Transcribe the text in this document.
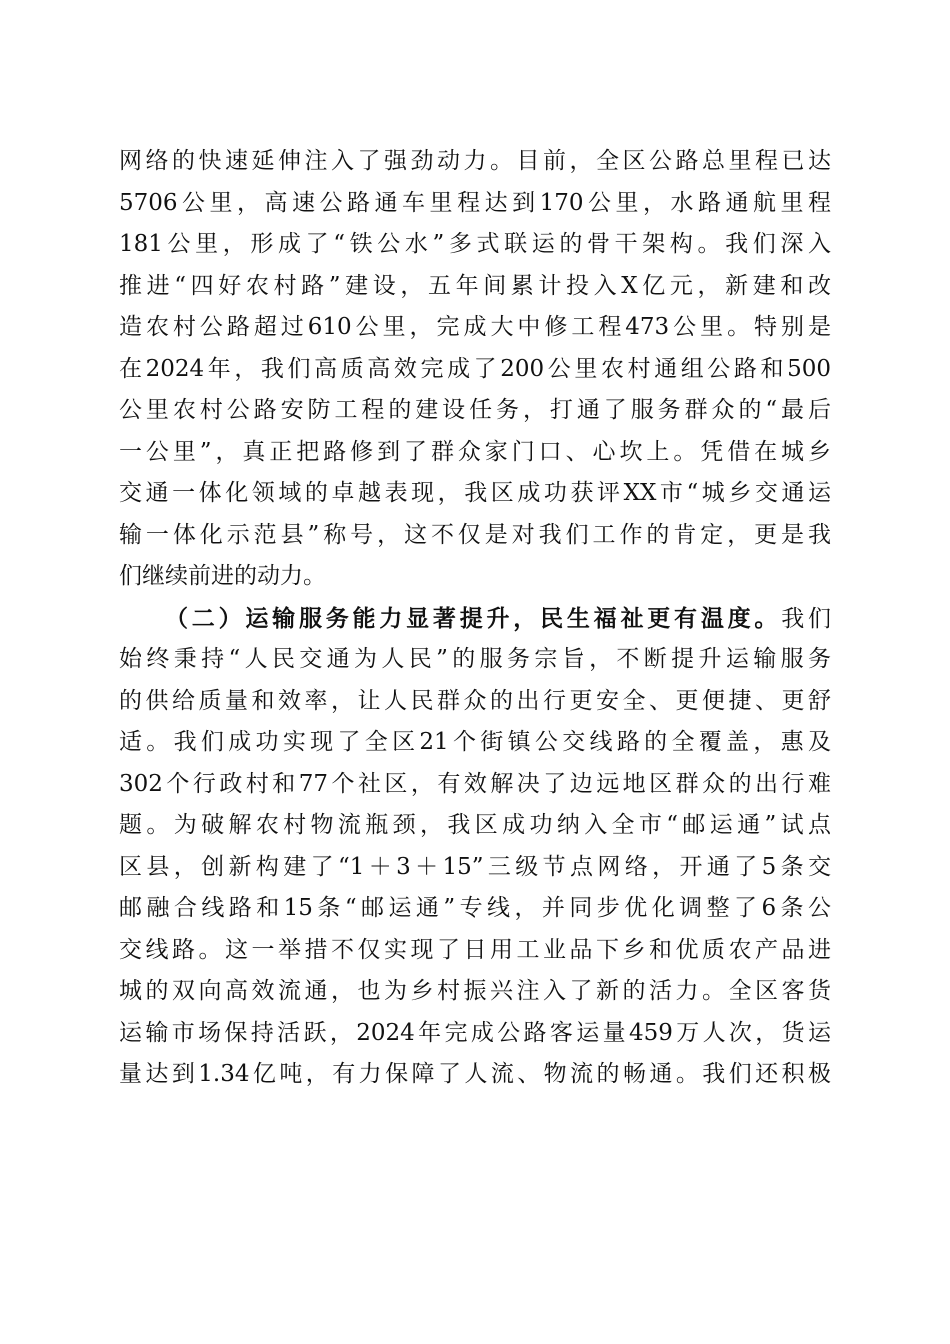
网络的快速延伸注入了强劲动力。目前，全区公路总里程已达
5706公里，高速公路通车里程达到170公里，水路通航里程
181公里，形成了“铁公水”多式联运的骨干架构。我们深入
推进“四好农村路”建设，五年间累计投入X亿元，新建和改
造农村公路超过610公里，完成大中修工程473公里。特别是
在2024年，我们高质高效完成了200公里农村通组公路和500
公里农村公路安防工程的建设任务，打通了服务群众的“最后
一公里”，真正把路修到了群众家门口、心坎上。凭借在城乡
交通一体化领域的卓越表现，我区成功获评XX市“城乡交通运
输一体化示范县”称号，这不仅是对我们工作的肯定，更是我
们继续前进的动力。
（二）运输服务能力显著提升，民生福祉更有温度。我们
始终秉持“人民交通为人民”的服务宗旨，不断提升运输服务
的供给质量和效率，让人民群众的出行更安全、更便捷、更舒
适。我们成功实现了全区21个街镇公交线路的全覆盖，惠及
302个行政村和77个社区，有效解决了边远地区群众的出行难
题。为破解农村物流瓶颈，我区成功纳入全市“邮运通”试点
区县，创新构建了“1＋3＋15”三级节点网络，开通了5条交
邮融合线路和15条“邮运通”专线，并同步优化调整了6条公
交线路。这一举措不仅实现了日用工业品下乡和优质农产品进
城的双向高效流通，也为乡村振兴注入了新的活力。全区客货
运输市场保持活跃，2024年完成公路客运量459万人次，货运
量达到1.34亿吨，有力保障了人流、物流的畅通。我们还积极
